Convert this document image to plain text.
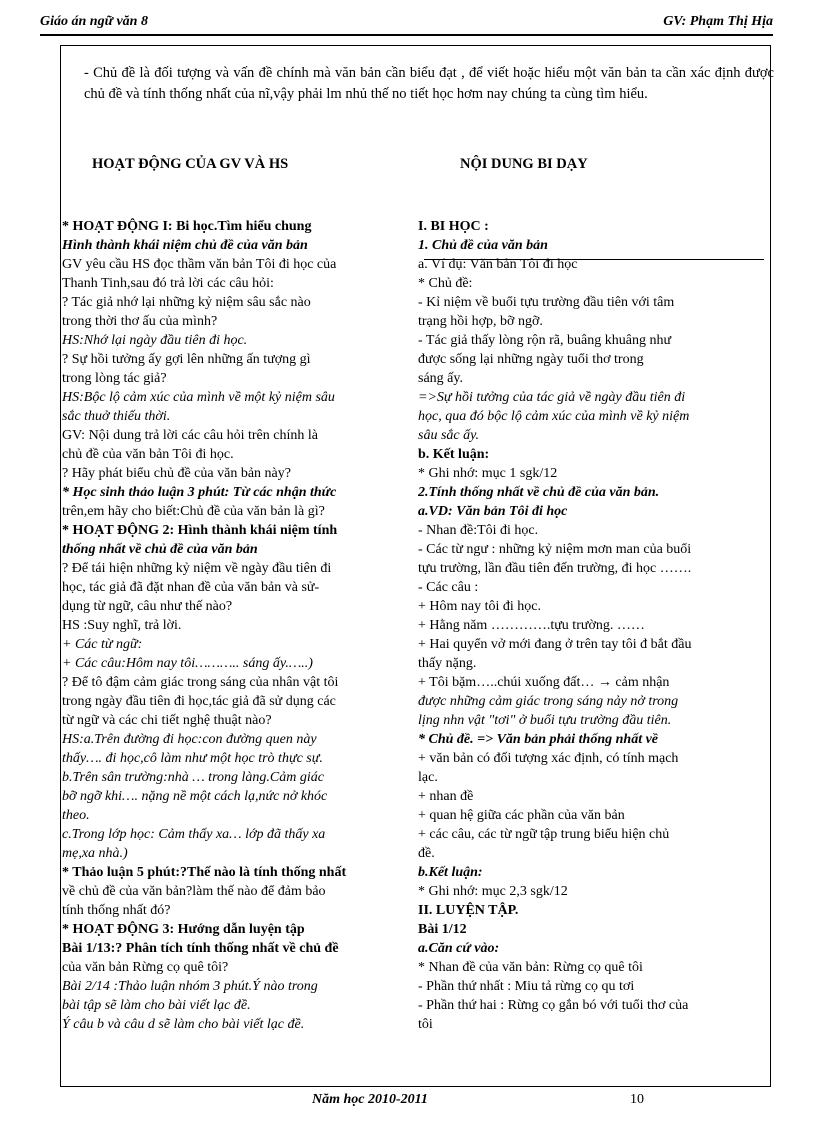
Giáo án ngữ văn 8	GV: Phạm Thị Hịa
- Chủ đề là đối tượng và vấn đề chính mà văn bản cần biểu đạt , để viết hoặc hiểu một văn bản ta cần xác định được chủ đề và tính thống nhất của nĩ,vậy phải lm nhủ thế no tiết học hơm nay chúng ta cùng tìm hiểu.
HOẠT ĐỘNG CỦA GV VÀ HS	NỘI DUNG BI DẠY
* HOẠT ĐỘNG I: Bi học.Tìm hiểu chung
Hình thành khái niệm chủ đề của văn bản
GV yêu cầu HS đọc thầm văn bản Tôi đi học của
Thanh Tinh,sau đó trả lời các câu hỏi:
? Tác giả nhớ lại những kỷ niệm sâu sắc nào
trong thời thơ ấu của mình?
HS:Nhớ lại ngày đầu tiên đi học.
? Sự hồi tưởng ấy gợi lên những ấn tượng gì
trong lòng tác giả?
HS:Bộc lộ cảm xúc của mình về một kỷ niệm sâu
sắc thuở thiếu thời.
GV: Nội dung trả lời các câu hỏi trên chính là
chủ đề của văn bản Tôi đi học.
? Hãy phát biểu chủ đề của văn bản này?
* Học sinh thảo luận 3 phút: Từ các nhận thức
trên,em hãy cho biết:Chủ đề của văn bản là gì?
* HOẠT ĐỘNG 2: Hình thành khái niệm tính
thống nhất về chủ đề của văn bản
? Để tái hiện những kỷ niệm về ngày đầu tiên đi
học, tác giả đã đặt nhan đề của văn bản và sử-
dụng từ ngữ, câu như thế nào?
HS :Suy nghĩ, trả lời.
+ Các từ ngữ:
+ Các câu:Hôm nay tôi……….. sáng ấy.…..)
? Để tô đậm cảm giác trong sáng của nhân vật tôi
trong ngày đầu tiên đi học,tác giả đã sử dụng các
từ ngữ và các chi tiết nghệ thuật nào?
HS:a.Trên đường đi học:con đường quen này
thấy…. đi học,cô làm như một học trò thực sự.
b.Trên sân trường:nhà … trong làng.Cảm giác
bỡ ngỡ khi…. nặng nề một cách lạ,nức nở khóc
theo.
c.Trong lớp học: Cảm thấy xa… lớp đã thấy xa
mẹ,xa nhà.)
* Thảo luận 5 phút:?Thế nào là tính thống nhất
về chủ đề của văn bản?làm thế nào để đảm bảo
tính thống nhất đó?
* HOẠT ĐỘNG 3: Hướng dẫn luyện tập
Bài 1/13:? Phân tích tính thống nhất về chủ đề
của văn bản Rừng cọ quê tôi?
Bài 2/14 :Thảo luận nhóm 3 phút.Ý nào trong
bài tập sẽ làm cho bài viết lạc đề.
Ý câu b và câu d sẽ làm cho bài viết lạc đề.
I. BI HỌC :
1. Chủ đề của văn bản
a. Ví dụ: Văn bản Tôi đi học
* Chủ đề:
- Kỉ niệm về buổi tựu trường đầu tiên với tâm
trạng hồi hợp, bỡ ngỡ.
- Tác giả thấy lòng rộn rã, buâng khuâng như
được sống lại những ngày tuổi thơ trong
sáng ấy.
=>Sự hồi tưởng của tác giả về ngày đầu tiên đi
học, qua đó bộc lộ cảm xúc của mình về kỷ niệm
sâu sắc ấy.
b. Kết luận:
* Ghi nhớ: mục 1 sgk/12
2.Tính thống nhất về chủ đề của văn bản.
a.VD: Văn bản Tôi đi học
- Nhan đề:Tôi đi học.
- Các từ ngư : những kỷ niệm mơn man của buổi
tựu trường, lần đầu tiên đến trường, đi học …….
- Các câu :
+ Hôm nay tôi đi học.
+ Hằng năm ………….tựu trường. ……
+ Hai quyển vở mới đang ở trên tay tôi đ bắt đầu
thấy nặng.
+ Tôi bặm…..chúi xuống đất… → cảm nhận
được những cảm giác trong sáng nảy nở trong
lịng nhn vật "tơi" ở buổi tựu trường đầu tiên.
* Chủ đề. => Văn bản phải thống nhất về
+ văn bản có đối tượng xác định, có tính mạch
lạc.
+ nhan đề
+ quan hệ giữa các phần của văn bản
+ các câu, các từ ngữ tập trung biểu hiện chủ
đề.
b.Kết luận:
* Ghi nhớ: mục 2,3 sgk/12
II. LUYỆN TẬP.
Bài 1/12
a.Căn cứ vào:
* Nhan đề của văn bản: Rừng cọ quê tôi
- Phần thứ nhất : Miu tả rừng cọ qu tơi
- Phần thứ hai : Rừng cọ gắn bó với tuổi thơ của
tôi
Năm học 2010-2011	10
